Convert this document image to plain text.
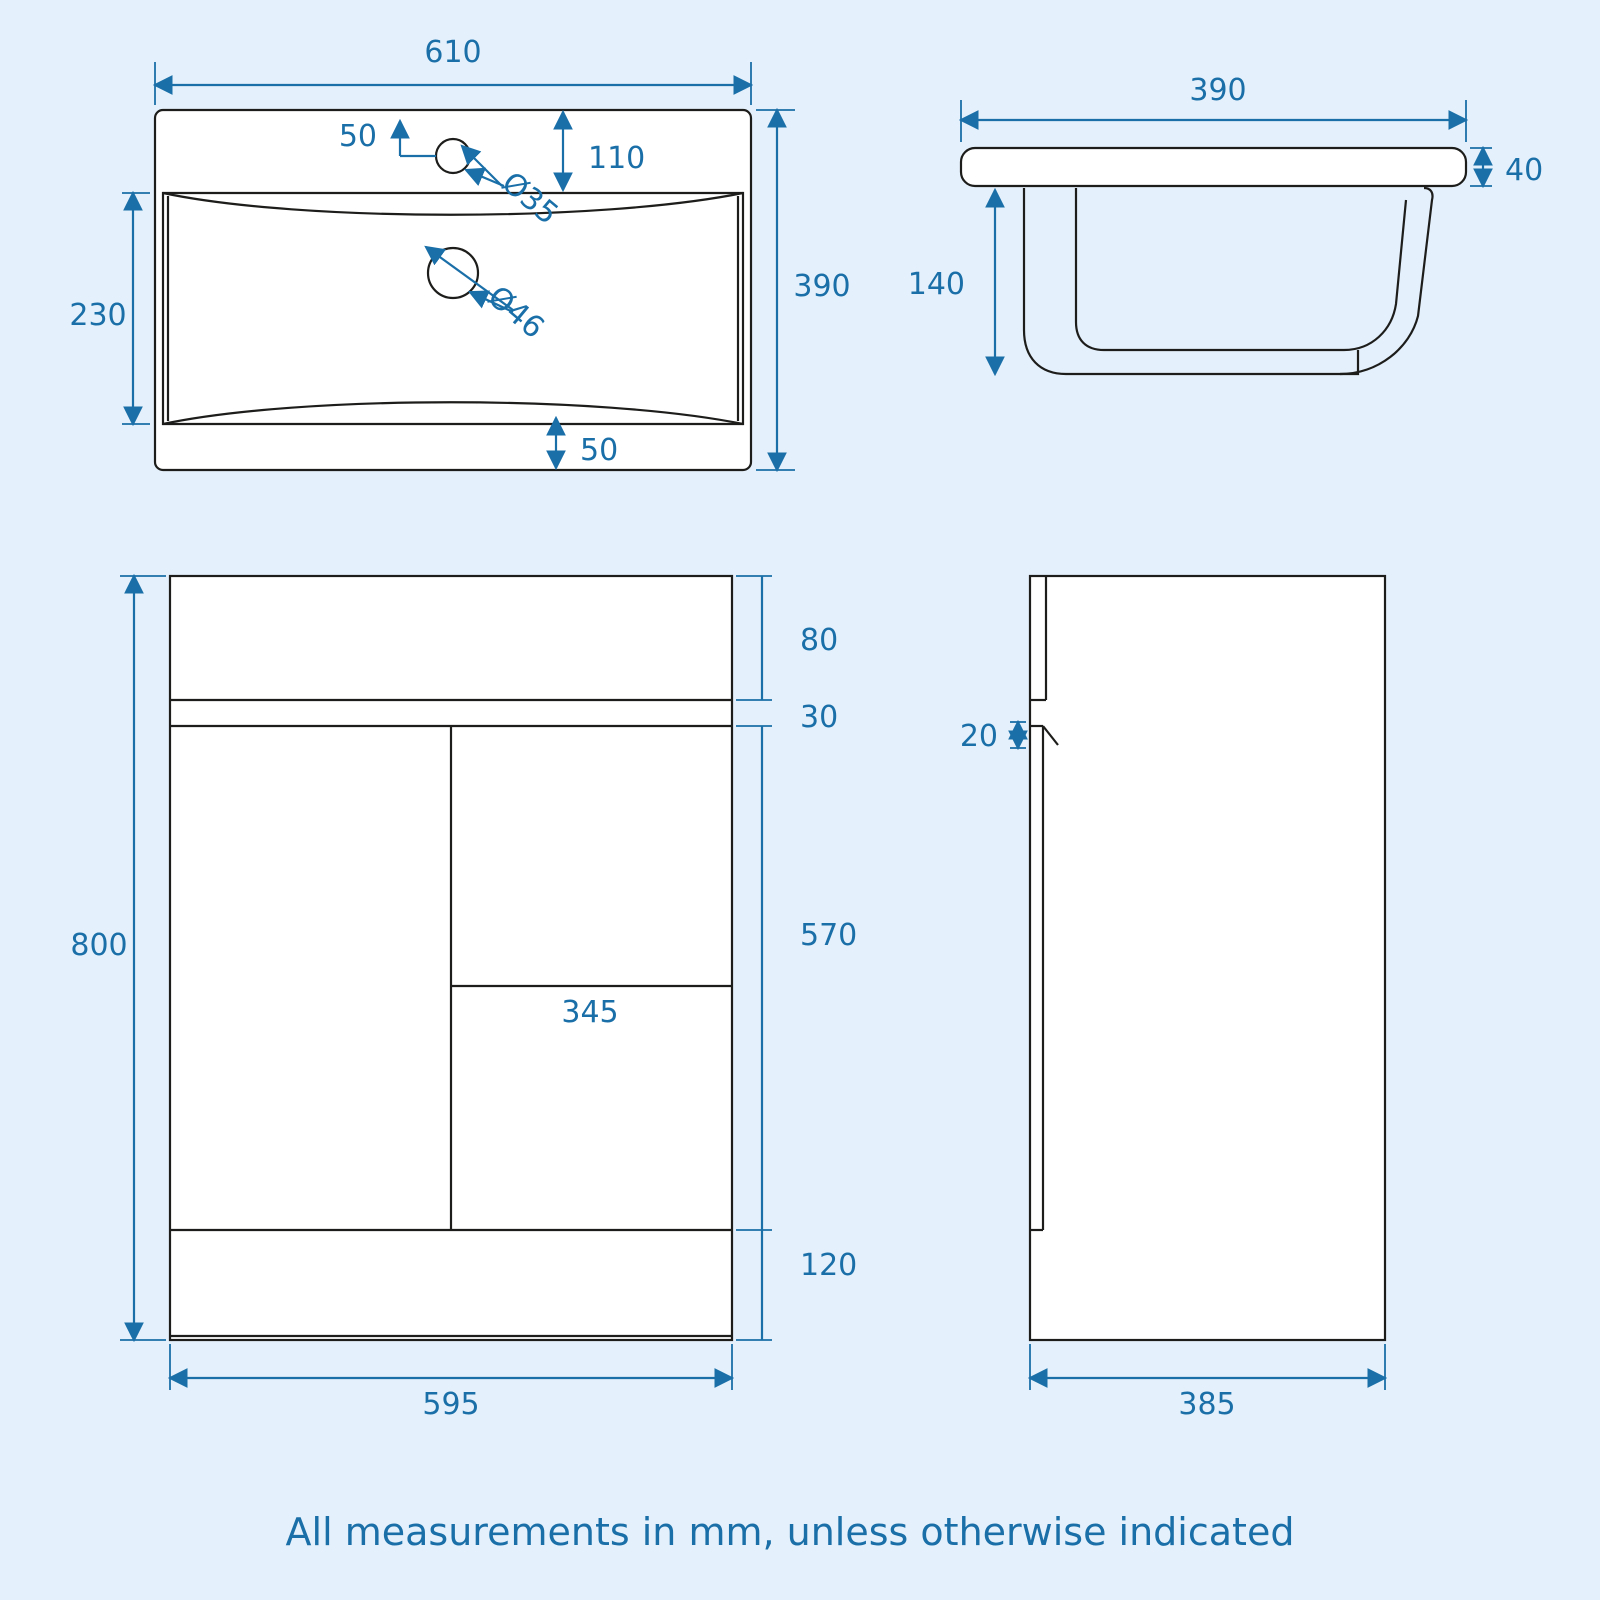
610
390
230
50
110
Ø35
Ø46
50
390
40
140
800
80
30
570
120
345
595
20
385
All measurements in mm, unless otherwise indicated
